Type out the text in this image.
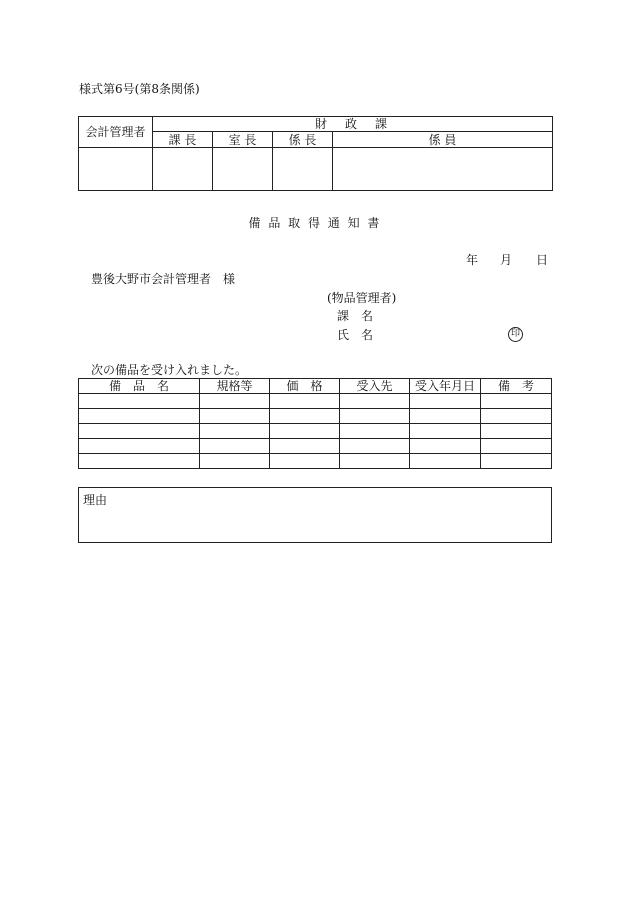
様式第6号(第8条関係)
会計管理者	財　政　課			
	課 長	室 長	係 長	係 員

備 品 取 得 通 知 書
年 月 日
豊後大野市会計管理者　様
(物品管理者)
課　名
氏　名	印
次の備品を受け入れました。
備　品　名	規格等	価　格	受入先	受入年月日	備　考

理由
